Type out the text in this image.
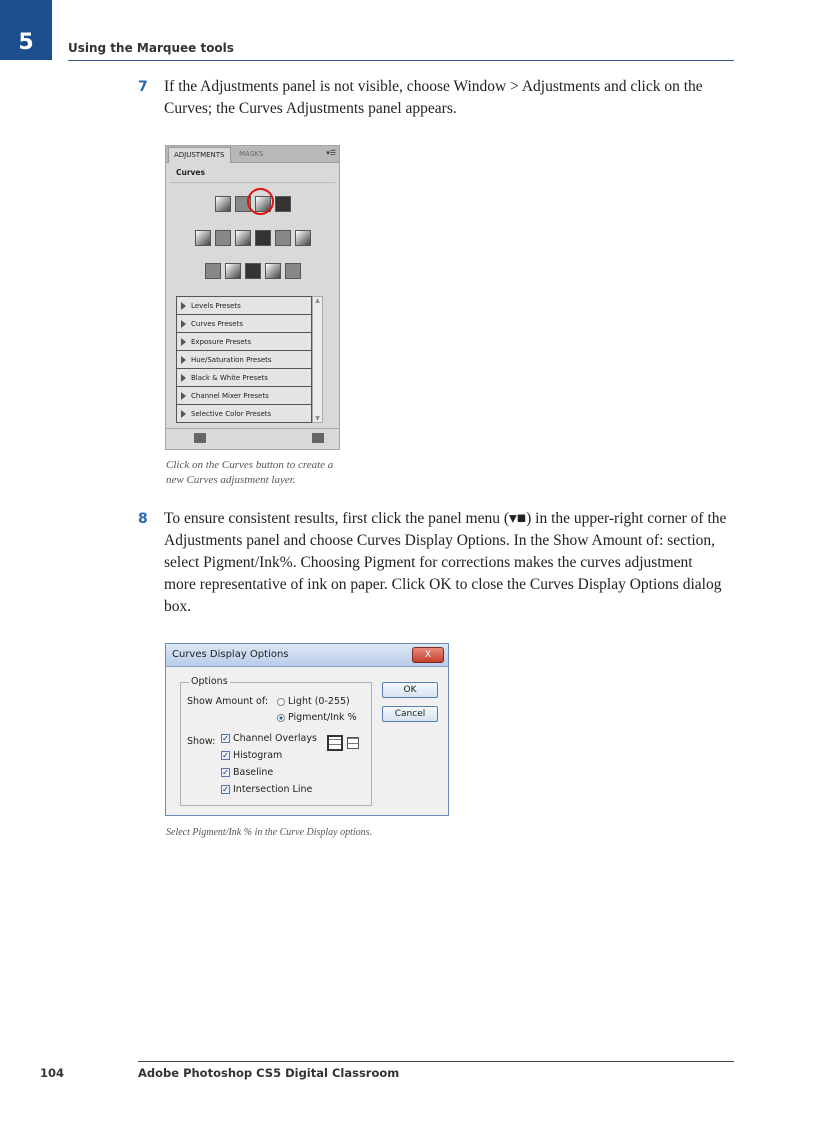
5	Using the Marquee tools
7 If the Adjustments panel is not visible, choose Window > Adjustments and click on the Curves; the Curves Adjustments panel appears.
ADJUSTMENTS	MASKS	▾☰
Curves
Levels Presets
Curves Presets
Exposure Presets
Hue/Saturation Presets
Black & White Presets
Channel Mixer Presets
Selective Color Presets
▲
▼
Click on the Curves button to create a new Curves adjustment layer.
8 To ensure consistent results, first click the panel menu (▾■) in the upper-right corner of the Adjustments panel and choose Curves Display Options. In the Show Amount of: section, select Pigment/Ink%. Choosing Pigment for corrections makes the curves adjustment more representative of ink on paper. Click OK to close the Curves Display Options dialog box.
Curves Display Options	X
Options
Show Amount of:	Light (0-255)
Pigment/Ink %
Show: ✓ Channel Overlays
✓ Histogram
✓ Baseline
✓ Intersection Line
OK
Cancel
Select Pigment/Ink % in the Curve Display options.
104	Adobe Photoshop CS5 Digital Classroom
